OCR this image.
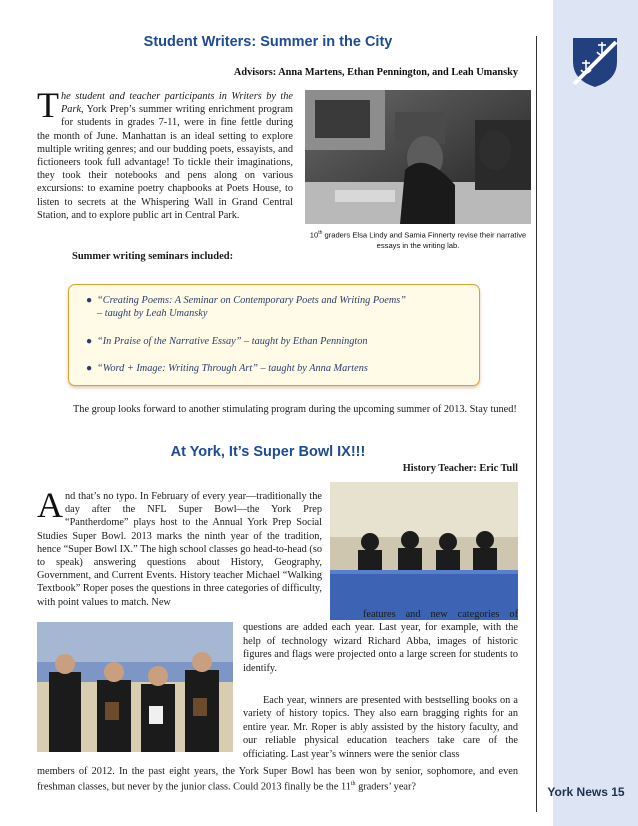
Student Writers: Summer in the City
Advisors: Anna Martens, Ethan Pennington, and Leah Umansky
The student and teacher participants in Writers by the Park, York Prep’s summer writing enrichment program for students in grades 7-11, were in fine fettle during the month of June. Manhattan is an ideal setting to explore multiple writing genres; and our budding poets, essayists, and fictioneers took full advantage! To tickle their imaginations, they took their notebooks and pens along on various excursions: to examine poetry chapbooks at Poets House, to listen to secrets at the Whispering Wall in Grand Central Station, and to explore public art in Central Park.
10th graders Elsa Lindy and Samia Finnerty revise their narrative essays in the writing lab.
Summer writing seminars included:
● “Creating Poems: A Seminar on Contemporary Poets and Writing Poems”
– taught by Leah Umansky
● “In Praise of the Narrative Essay” – taught by Ethan Pennington
● “Word + Image: Writing Through Art” – taught by Anna Martens
The group looks forward to another stimulating program during the upcoming summer of 2013. Stay tuned!
At York, It’s Super Bowl IX!!!
History Teacher: Eric Tull
And that’s no typo. In February of every year—traditionally the day after the NFL Super Bowl—the York Prep “Pantherdome” plays host to the Annual York Prep Social Studies Super Bowl. 2013 marks the ninth year of the tradition, hence “Super Bowl IX.” The high school classes go head-to-head (so to speak) answering questions about History, Geography, Government, and Current Events. History teacher Michael “Walking Textbook” Roper poses the questions in three categories of difficulty, with point values to match. New
features and new categories of questions are added each year. Last year, for example, with the help of technology wizard Richard Abba, images of historic figures and flags were projected onto a large screen for students to identify.
Each year, winners are presented with bestselling books on a variety of history topics. They also earn bragging rights for an entire year. Mr. Roper is ably assisted by the history faculty, and our reliable physical education teachers take care of the officiating. Last year’s winners were the senior class
members of 2012. In the past eight years, the York Super Bowl has been won by senior, sophomore, and even freshman classes, but never by the junior class. Could 2013 finally be the 11th graders’ year?	York News 15
